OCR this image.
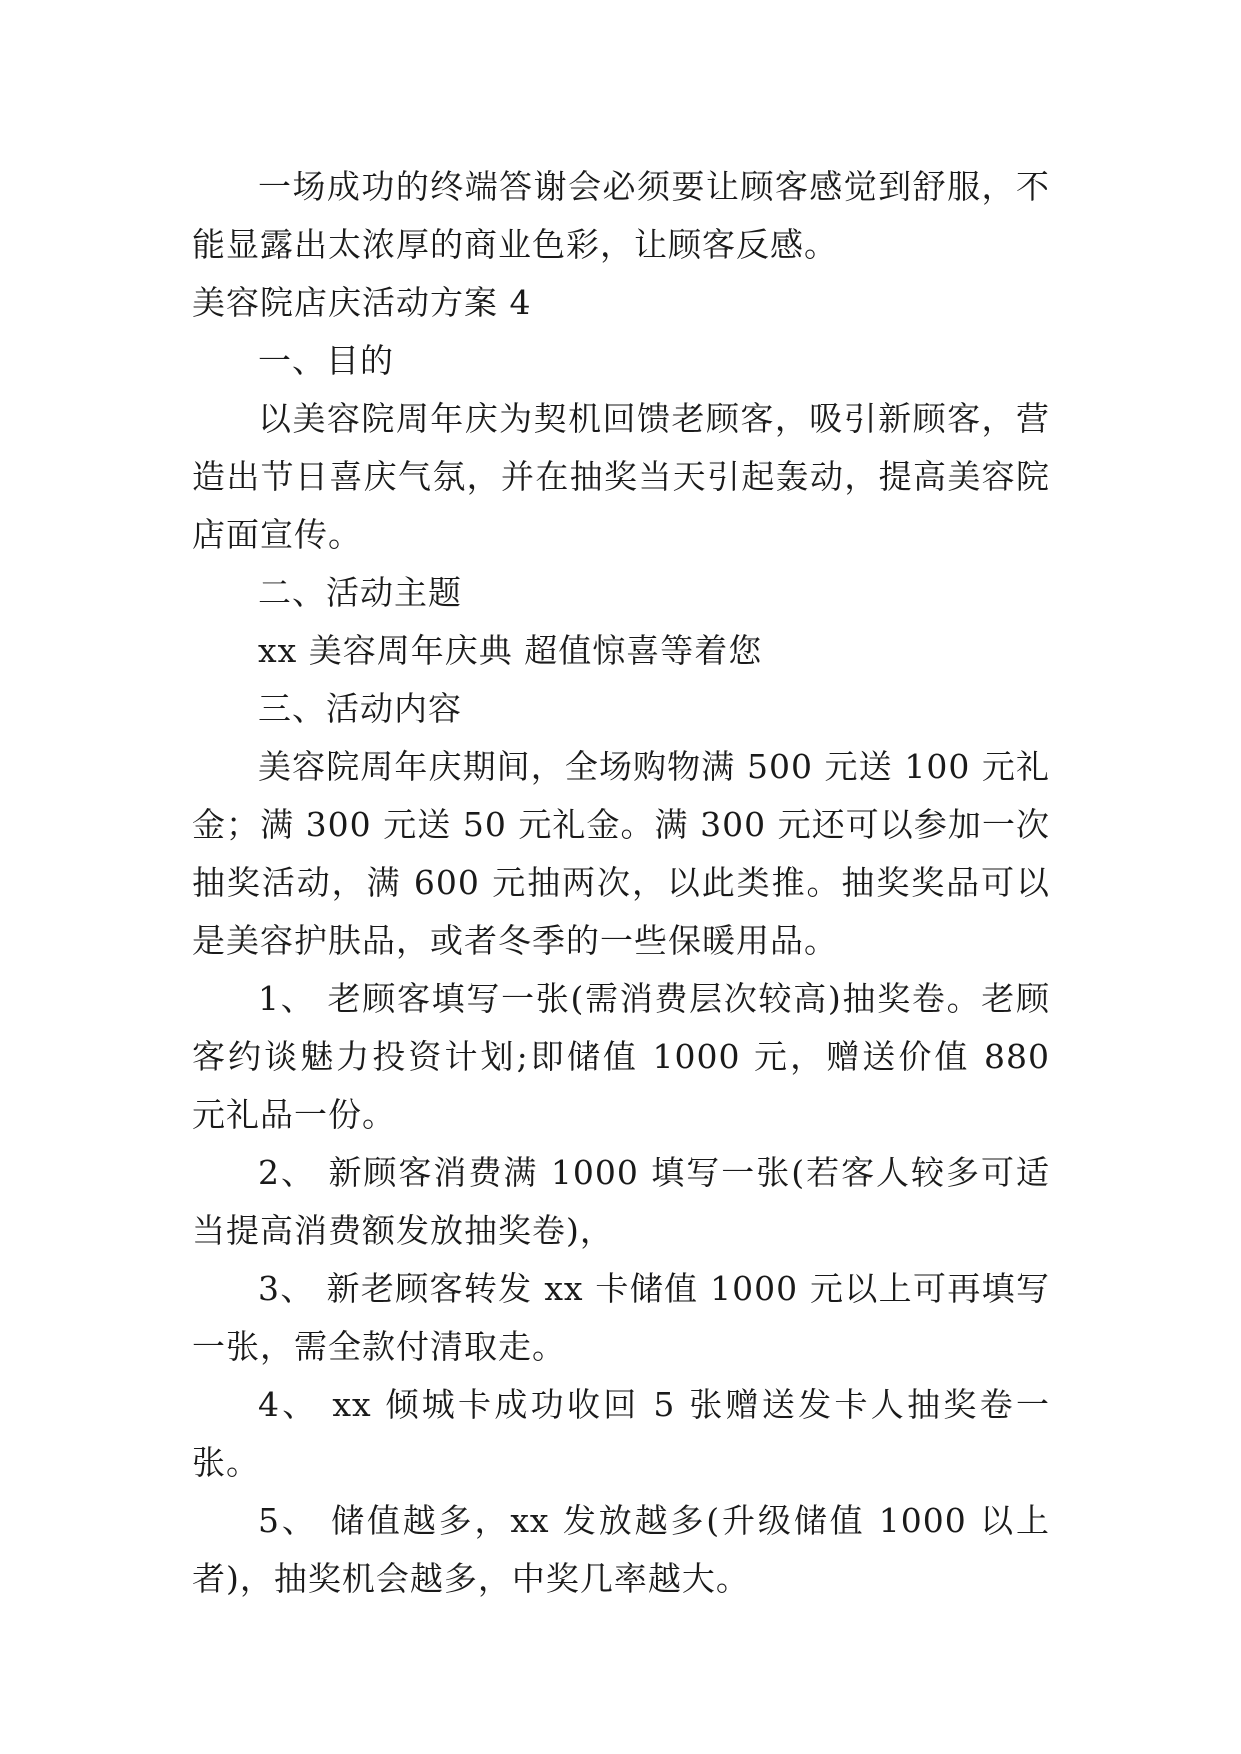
一场成功的终端答谢会必须要让顾客感觉到舒服，不能显露出太浓厚的商业色彩，让顾客反感。

美容院店庆活动方案 4

一、目的

以美容院周年庆为契机回馈老顾客，吸引新顾客，营造出节日喜庆气氛，并在抽奖当天引起轰动，提高美容院店面宣传。

二、活动主题

xx 美容周年庆典 超值惊喜等着您

三、活动内容

美容院周年庆期间，全场购物满 500 元送 100 元礼金；满 300 元送 50 元礼金。满 300 元还可以参加一次抽奖活动，满 600 元抽两次，以此类推。抽奖奖品可以是美容护肤品，或者冬季的一些保暖用品。

1、 老顾客填写一张(需消费层次较高)抽奖卷。老顾客约谈魅力投资计划;即储值 1000 元，赠送价值 880 元礼品一份。

2、 新顾客消费满 1000 填写一张(若客人较多可适当提高消费额发放抽奖卷)，

3、 新老顾客转发 xx 卡储值 1000 元以上可再填写一张，需全款付清取走。

4、 xx 倾城卡成功收回 5 张赠送发卡人抽奖卷一张。

5、 储值越多，xx 发放越多(升级储值 1000 以上者)，抽奖机会越多，中奖几率越大。
